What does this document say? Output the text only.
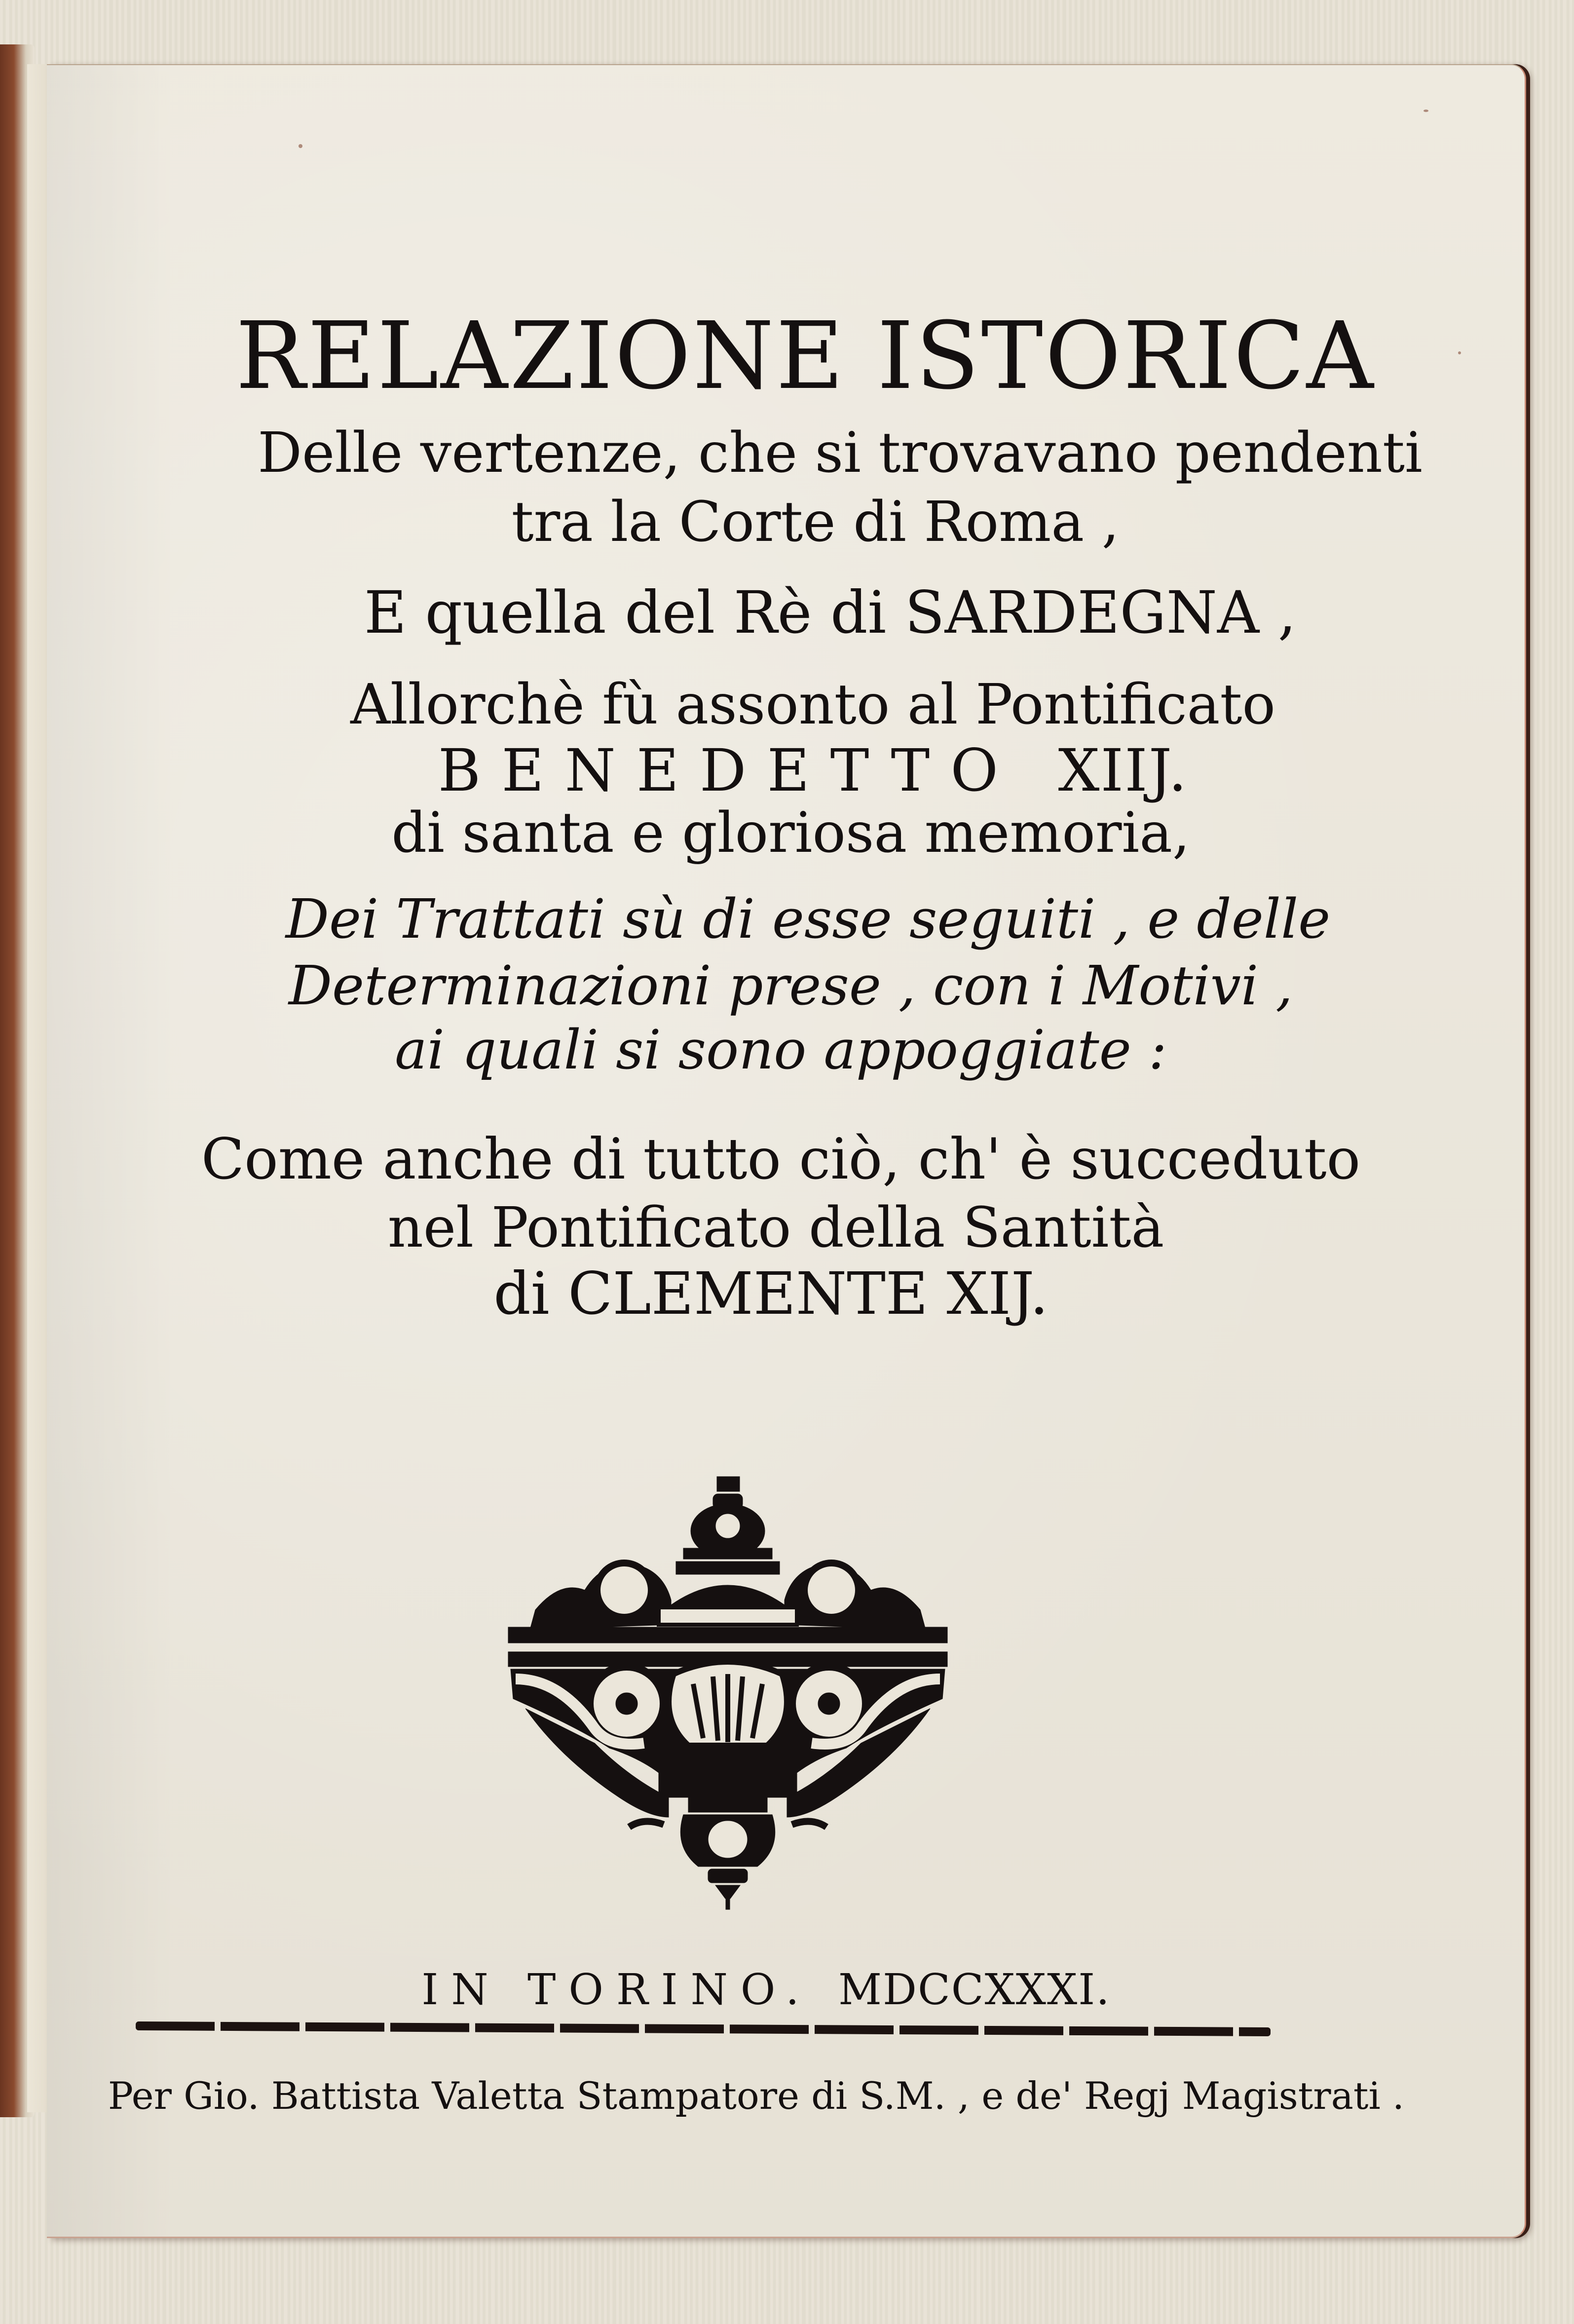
RELAZIONE ISTORICA
Delle vertenze, che si trovavano pendenti
tra la Corte di Roma ,
E quella del Rè di SARDEGNA ,
Allorchè fù assonto al Pontificato
BENEDETTO XIIJ.
di santa e gloriosa memoria,
Dei Trattati sù di esse seguiti , e delle
Determinazioni prese , con i Motivi ,
ai quali si sono appoggiate :
Come anche di tutto ciò, ch' è succeduto
nel Pontificato della Santità
di CLEMENTE XIJ.
IN TORINO. MDCCXXXI.
Per Gio. Battista Valetta Stampatore di S.M. , e de' Regj Magistrati .
